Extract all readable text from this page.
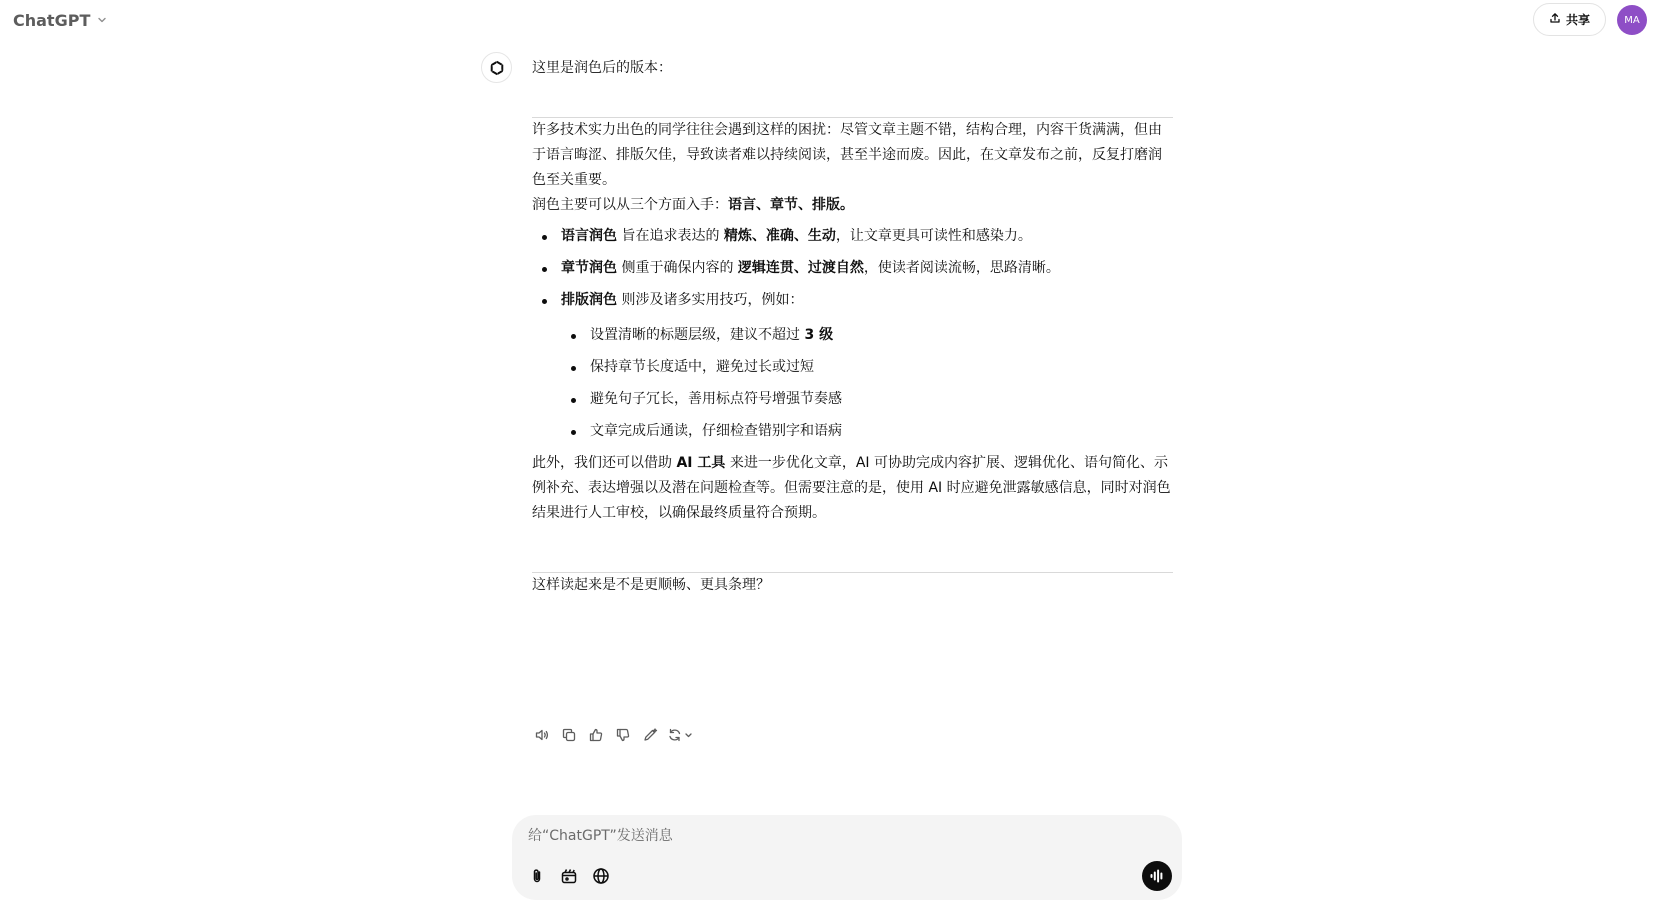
ChatGPT	共享	MA

这里是润色后的版本：

许多技术实力出色的同学往往会遇到这样的困扰：尽管文章主题不错，结构合理，内容干货满满，但由于语言晦涩、排版欠佳，导致读者难以持续阅读，甚至半途而废。因此，在文章发布之前，反复打磨润色至关重要。

润色主要可以从三个方面入手：语言、章节、排版。

语言润色 旨在追求表达的 精炼、准确、生动，让文章更具可读性和感染力。
章节润色 侧重于确保内容的 逻辑连贯、过渡自然，使读者阅读流畅，思路清晰。
排版润色 则涉及诸多实用技巧，例如：
设置清晰的标题层级，建议不超过 3 级
保持章节长度适中，避免过长或过短
避免句子冗长，善用标点符号增强节奏感
文章完成后通读，仔细检查错别字和语病

此外，我们还可以借助 AI 工具 来进一步优化文章，AI 可协助完成内容扩展、逻辑优化、语句简化、示例补充、表达增强以及潜在问题检查等。但需要注意的是，使用 AI 时应避免泄露敏感信息，同时对润色结果进行人工审校，以确保最终质量符合预期。

这样读起来是不是更顺畅、更具条理？

给“ChatGPT”发送消息
